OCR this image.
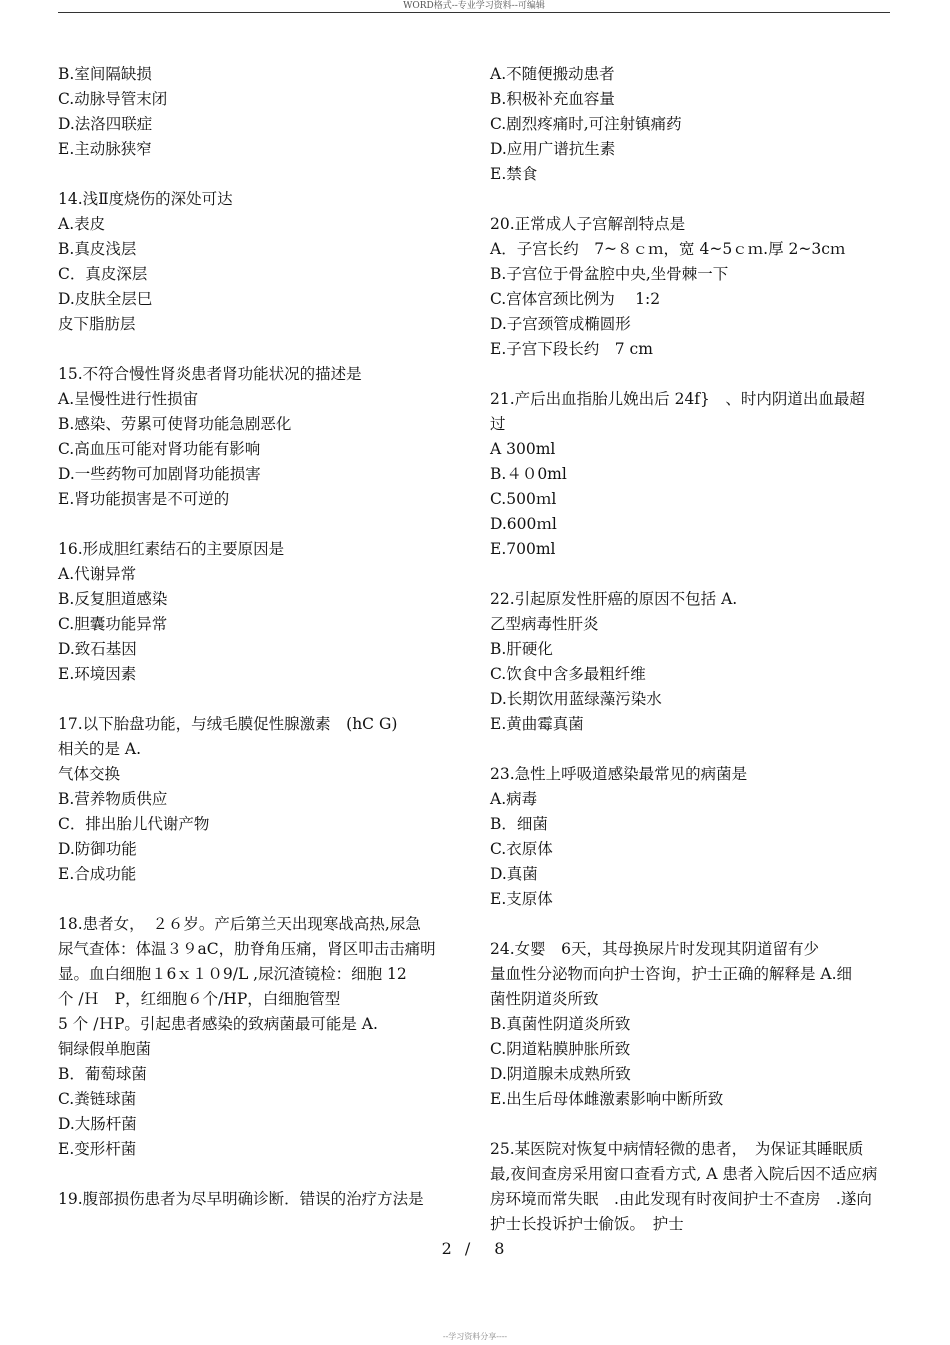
WORD格式--专业学习资料--可编辑
B.室间隔缺损
C.动脉导管末闭
D.法洛四联症
E.主动脉狭窄
14.浅Ⅱ度烧伤的深处可达
A.表皮
B.真皮浅层
C．真皮深层
D.皮肤全层巳
皮下脂肪层
15.不符合慢性肾炎患者肾功能状况的描述是
A.呈慢性进行性损宙
B.感染、劳累可使肾功能急剧恶化
C.高血压可能对肾功能有影响
D.一些药物可加剧肾功能损害
E.肾功能损害是不可逆的
16.形成胆红素结石的主要原因是
A.代谢异常
B.反复胆道感染
C.胆囊功能异常
D.致石基因
E.环境因素
17.以下胎盘功能，与绒毛膜促性腺激素　(hC G)
相关的是 A.
气体交换
B.营养物质供应
C．排出胎儿代谢产物
D.防御功能
E.合成功能
18.患者女，　２６岁。产后第兰天出现寒战高热,尿急
尿气查体：体温３９aC，肋脊角压痛，肾区叩击击痛明
显。血白细胞１6ｘ１０9/L ,尿沉渣镜检：细胞 12
个 /Ｈ　P，红细胞６个/HP，白细胞管型
5 个 /ＨP。引起患者感染的致病菌最可能是 A.
铜绿假单胞菌
B．葡萄球菌
C.粪链球菌
D.大肠杆菌
E.变形杆菌
19.腹部损伤患者为尽早明确诊断．错误的治疗方法是
A.不随便搬动患者
B.积极补充血容量
C.剧烈疼痛时,可注射镇痛药
D.应用广谱抗生素
E.禁食
20.正常成人子宫解剖特点是
A．子宫长约　7~８ｃｍ，宽 4~5ｃｍ.厚 2~3cｍ
B.子宫位于骨盆腔中央,坐骨棘一下
C.宫体宫颈比例为　 1:2
D.子宫颈管成椭圆形
E.子宫下段长约　7 cm
21.产后出血指胎儿娩出后 24f}　、时内阴道出血最超
过
A 300ml
B.４０0ml
C.500ｍl
D.600ｍl
E.700ml
22.引起原发性肝癌的原因不包括 A.
乙型病毒性肝炎
B.肝硬化
C.饮食中含多最粗纤维
D.长期饮用蓝绿藻污染水
E.黄曲霉真菌
23.急性上呼吸道感染最常见的病菌是
A.病毒
B．细菌
C.衣原体
D.真菌
E.支原体
24.女婴　6天，其母换尿片时发现其阴道留有少
量血性分泌物而向护士咨询，护士正确的解释是 A.细
菌性阴道炎所致
B.真菌性阴道炎所致
C.阴道粘膜肿胀所致
D.阴道腺未成熟所致
E.出生后母体雌激素影响中断所致
25.某医院对恢复中病情轻微的患者，　为保证其睡眠质
最,夜间查房采用窗口查看方式, A 患者入院后因不适应病
房环境而常失眠　.由此发现有时夜间护士不查房　.遂向
护士长投诉护士偷饭。　护士
2 /　8
--学习资料分享----
